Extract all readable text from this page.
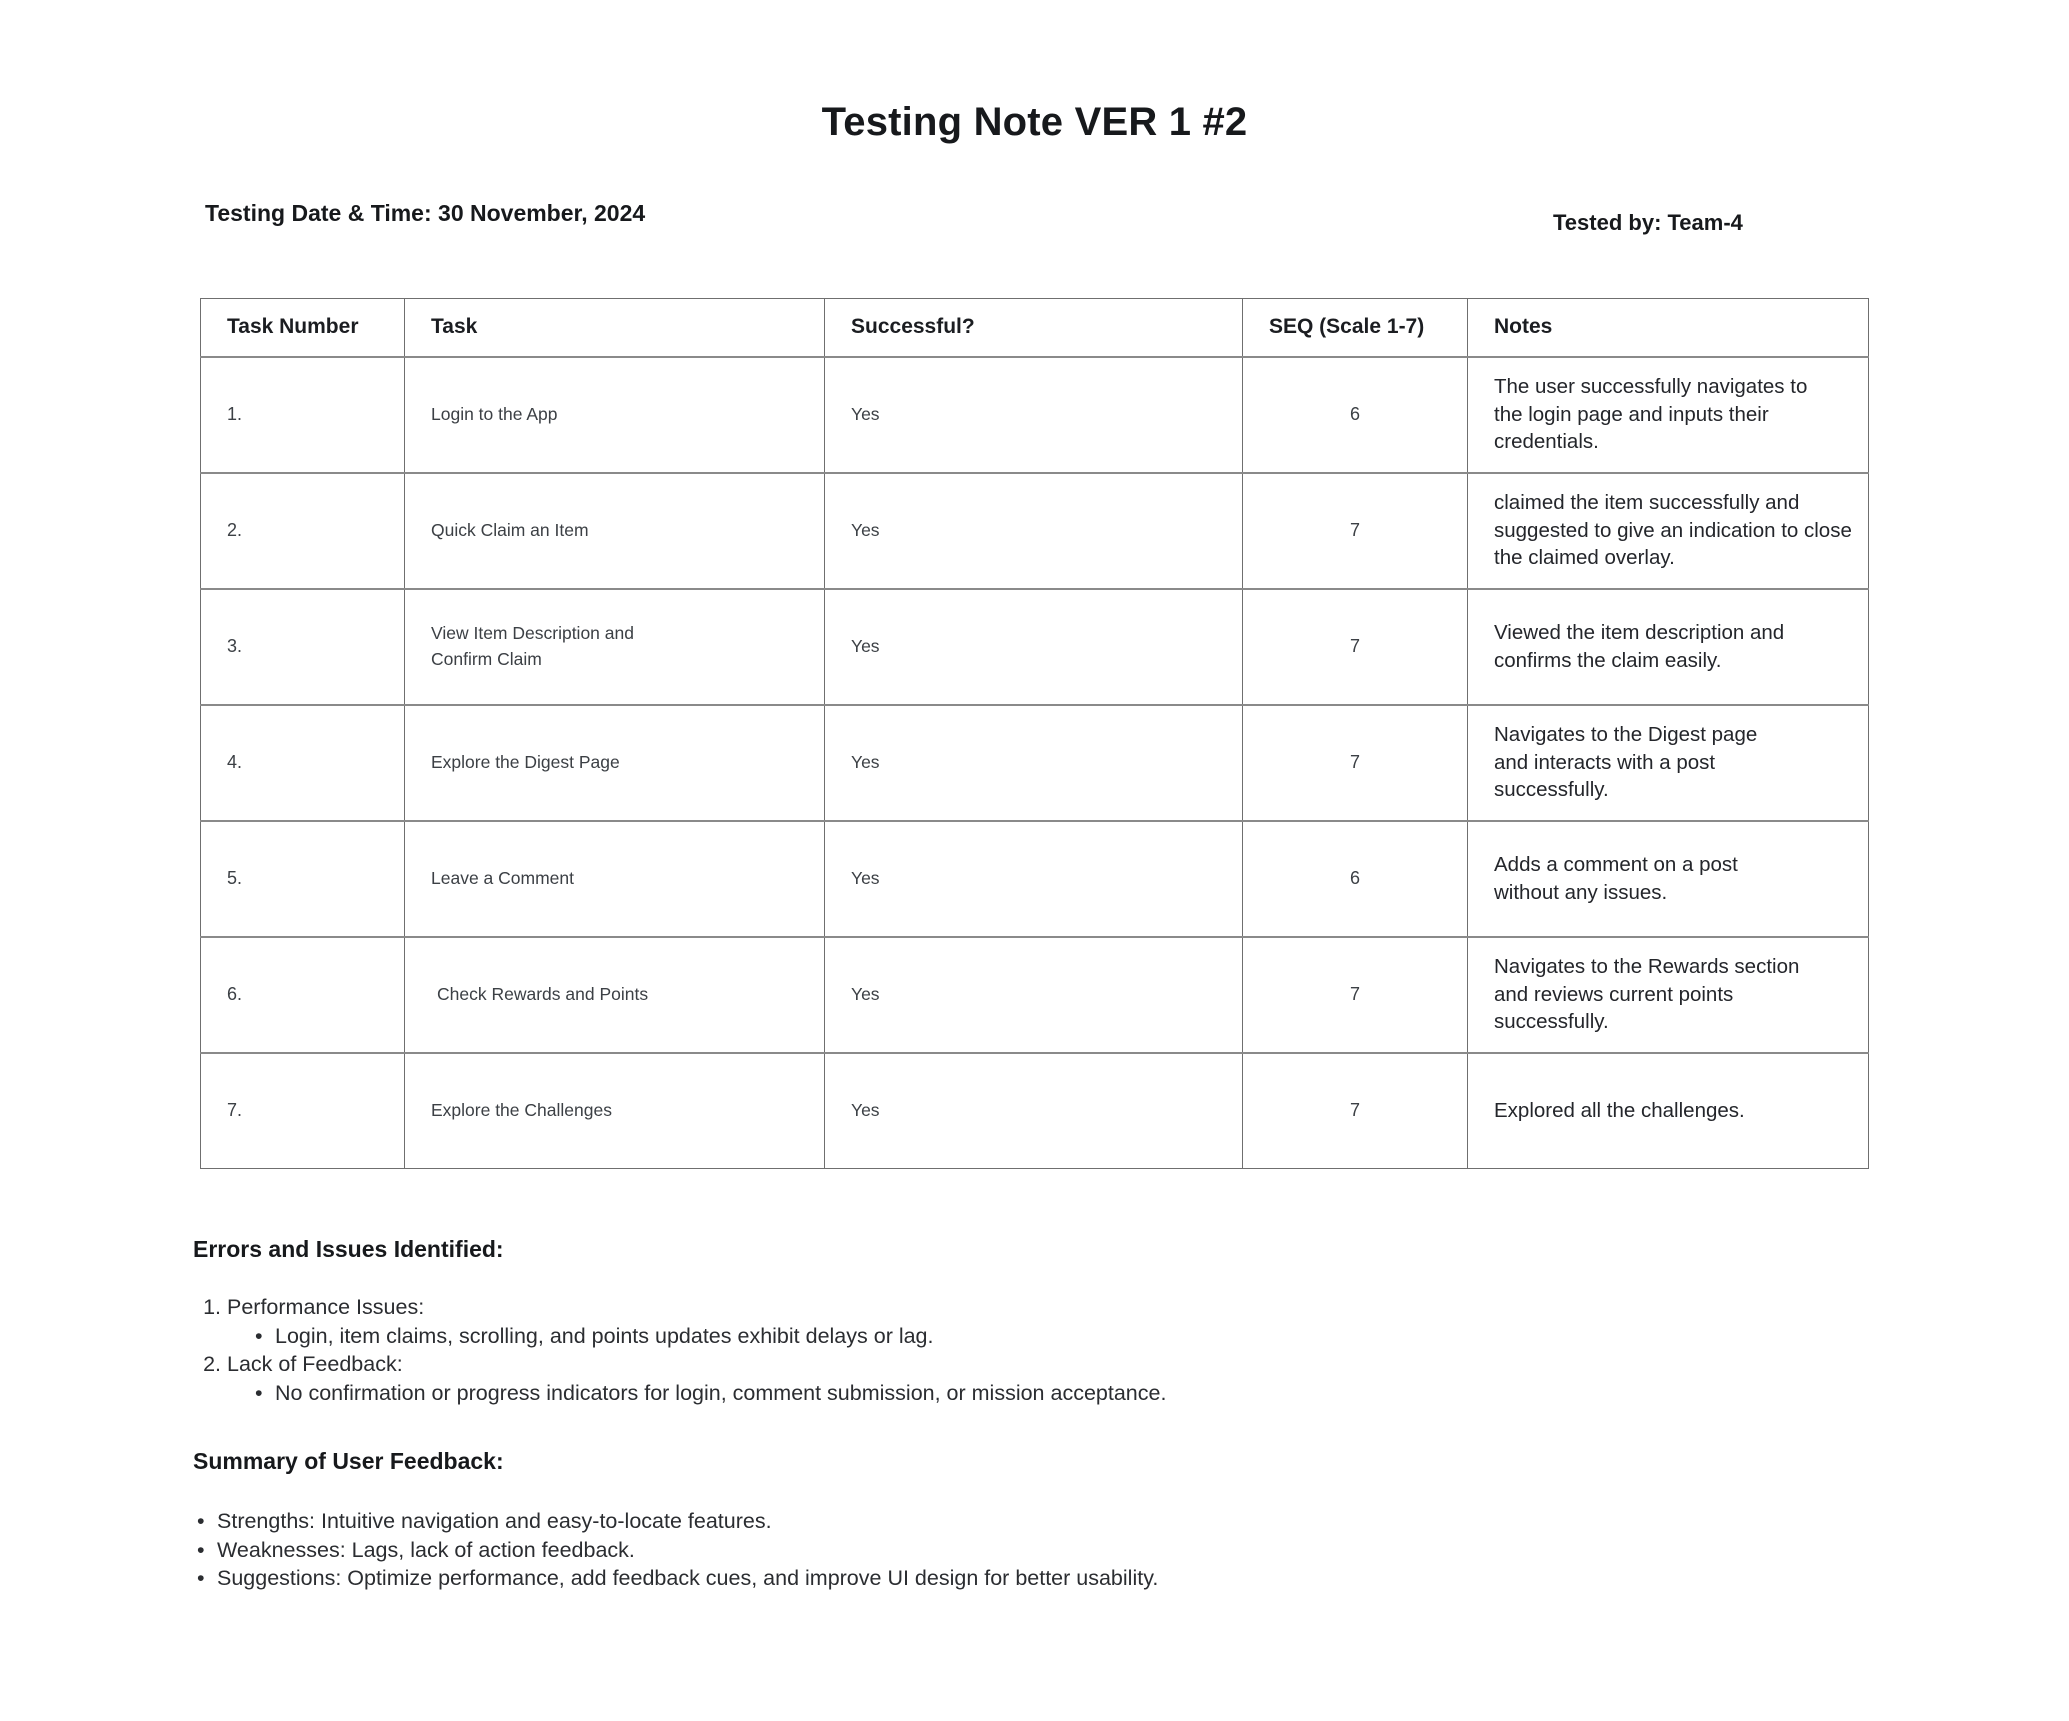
Testing Note VER 1 #2
Testing Date & Time: 30 November, 2024	Tested by: Team-4
Task Number	Task	Successful?	SEQ (Scale 1-7)	Notes
1.	Login to the App	Yes	6	The user successfully navigates to the login page and inputs their credentials.
2.	Quick Claim an Item	Yes	7	claimed the item successfully and suggested to give an indication to close the claimed overlay.
3.	View Item Description and Confirm Claim	Yes	7	Viewed the item description and confirms the claim easily.
4.	Explore the Digest Page	Yes	7	Navigates to the Digest page and interacts with a post successfully.
5.	Leave a Comment	Yes	6	Adds a comment on a post without any issues.
6.	Check Rewards and Points	Yes	7	Navigates to the Rewards section and reviews current points successfully.
7.	Explore the Challenges	Yes	7	Explored all the challenges.
Errors and Issues Identified:
1. Performance Issues:
• Login, item claims, scrolling, and points updates exhibit delays or lag.
2. Lack of Feedback:
• No confirmation or progress indicators for login, comment submission, or mission acceptance.
Summary of User Feedback:
• Strengths: Intuitive navigation and easy-to-locate features.
• Weaknesses: Lags, lack of action feedback.
• Suggestions: Optimize performance, add feedback cues, and improve UI design for better usability.
